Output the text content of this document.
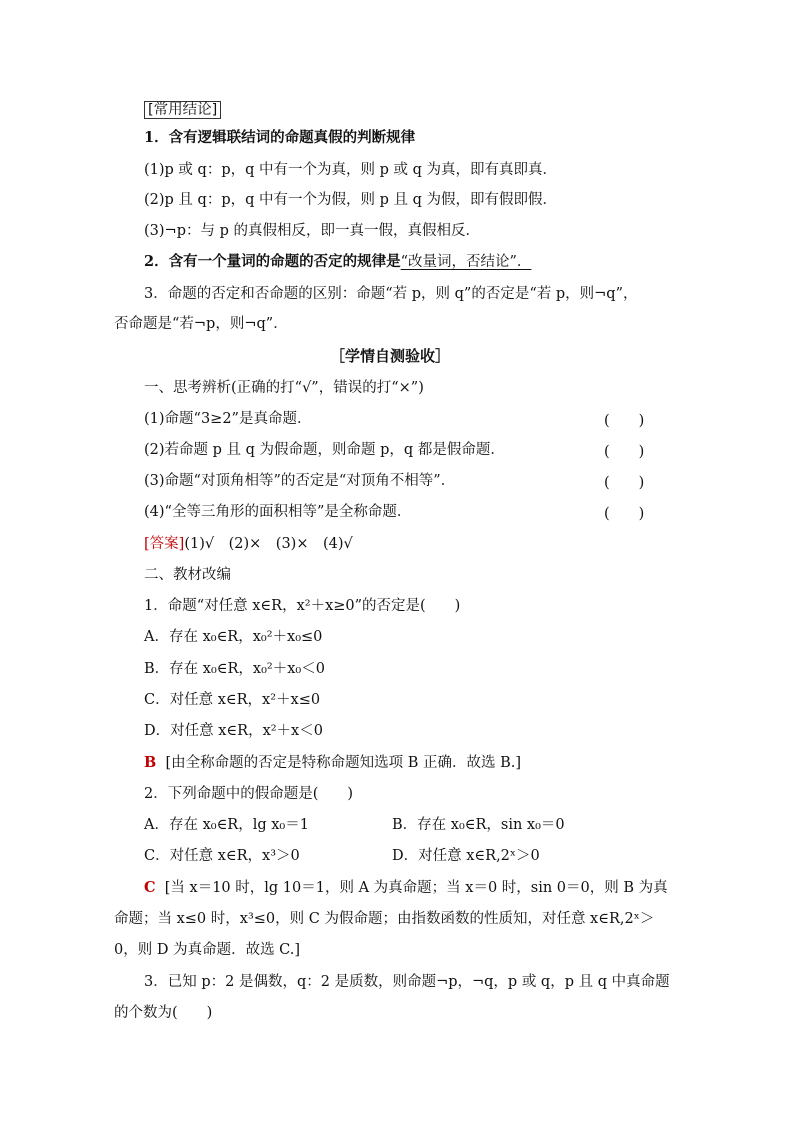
[常用结论]
1．含有逻辑联结词的命题真假的判断规律
(1)p 或 q：p，q 中有一个为真，则 p 或 q 为真，即有真即真．
(2)p 且 q：p，q 中有一个为假，则 p 且 q 为假，即有假即假．
(3)¬p：与 p 的真假相反，即一真一假，真假相反．
2．含有一个量词的命题的否定的规律是“改量词，否结论”．
3．命题的否定和否命题的区别：命题“若 p，则 q”的否定是“若 p，则¬q”，
否命题是“若¬p，则¬q”．
［学情自测验收］
一、思考辨析(正确的打“√”，错误的打“×”)
(1)命题“3≥2”是真命题．	(　　)
(2)若命题 p 且 q 为假命题，则命题 p，q 都是假命题．	(　　)
(3)命题“对顶角相等”的否定是“对顶角不相等”．	(　　)
(4)“全等三角形的面积相等”是全称命题．	(　　)
[答案](1)√　(2)×　(3)×　(4)√
二、教材改编
1．命题“对任意 x∈R，x²＋x≥0”的否定是(　　)
A．存在 x₀∈R，x₀²＋x₀≤0
B．存在 x₀∈R，x₀²＋x₀＜0
C．对任意 x∈R，x²＋x≤0
D．对任意 x∈R，x²＋x＜0
B [由全称命题的否定是特称命题知选项 B 正确．故选 B.]
2．下列命题中的假命题是(　　)
A．存在 x₀∈R，lg x₀＝1	B．存在 x₀∈R，sin x₀＝0
C．对任意 x∈R，x³＞0	D．对任意 x∈R,2ˣ＞0
C [当 x＝10 时，lg 10＝1，则 A 为真命题；当 x＝0 时，sin 0＝0，则 B 为真
命题；当 x≤0 时，x³≤0，则 C 为假命题；由指数函数的性质知，对任意 x∈R,2ˣ＞
0，则 D 为真命题．故选 C.]
3．已知 p：2 是偶数，q：2 是质数，则命题¬p，¬q，p 或 q，p 且 q 中真命题
的个数为(　　)
